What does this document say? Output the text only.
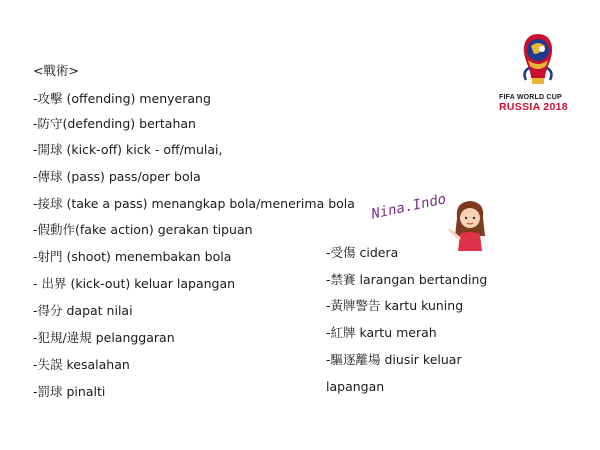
FIFA WORLD CUP
RUSSIA 2018
<戰術>
-攻擊 (offending) menyerang
-防守(defending) bertahan
-開球 (kick-off) kick - off/mulai,
-傳球 (pass) pass/oper bola
-接球 (take a pass) menangkap bola/menerima bola
-假動作(fake action) gerakan tipuan
-射門 (shoot) menembakan bola
- 出界 (kick-out) keluar lapangan
-得分 dapat nilai
-犯規/違規 pelanggaran
-失誤 kesalahan
-罰球 pinalti
Nina.Indo
-受傷 cidera
-禁賽 larangan bertanding
-黃牌警告 kartu kuning
-紅牌 kartu merah
-驅逐離場 diusir keluar
lapangan
